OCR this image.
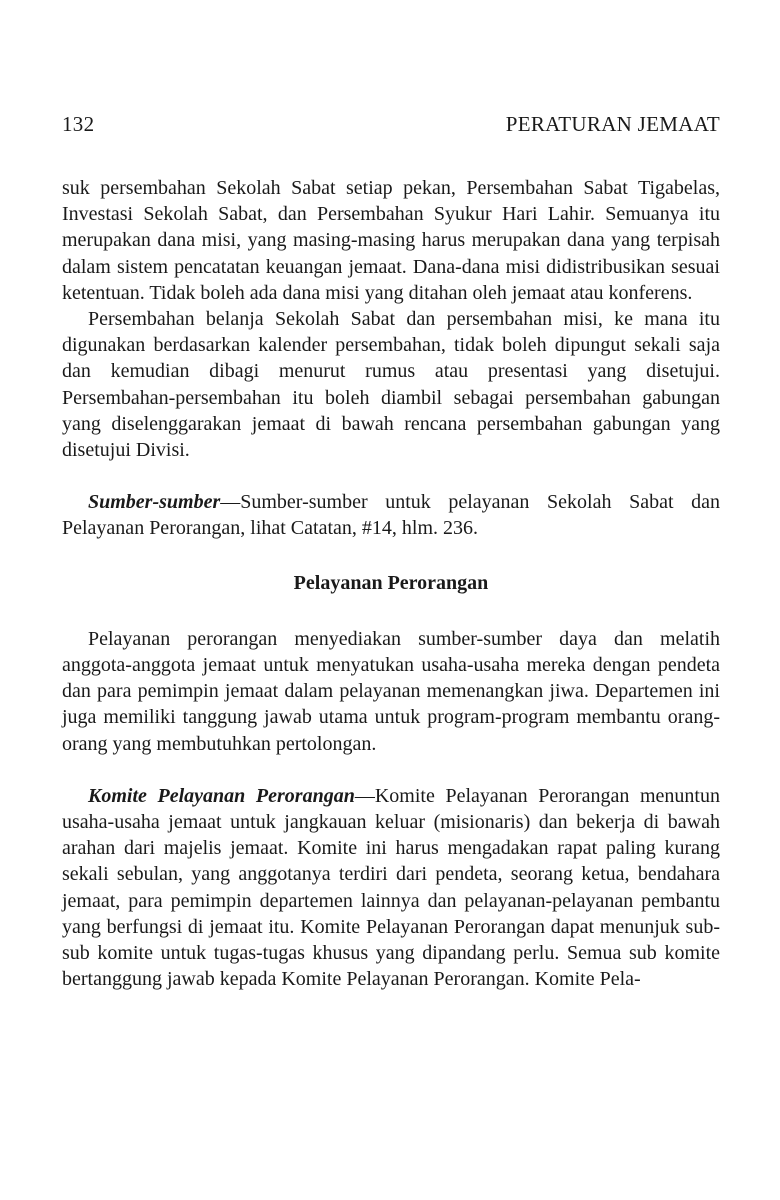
132	PERATURAN JEMAAT

suk persembahan Sekolah Sabat setiap pekan, Persembahan Sabat Tigabelas, Investasi Sekolah Sabat, dan Persembahan Syukur Hari Lahir. Semuanya itu merupakan dana misi, yang masing-masing harus merupakan dana yang terpisah dalam sistem pencatatan keuangan jemaat. Dana-dana misi didistribusikan sesuai ketentuan. Tidak boleh ada dana misi yang ditahan oleh jemaat atau konferens.

Persembahan belanja Sekolah Sabat dan persembahan misi, ke mana itu digunakan berdasarkan kalender persembahan, tidak boleh dipungut sekali saja dan kemudian dibagi menurut rumus atau presentasi yang disetujui. Persembahan-persembahan itu boleh diambil sebagai persembahan gabungan yang diselenggarakan jemaat di bawah rencana persembahan gabungan yang disetujui Divisi.

Sumber-sumber—Sumber-sumber untuk pelayanan Sekolah Sabat dan Pelayanan Perorangan, lihat Catatan, #14, hlm. 236.

Pelayanan Perorangan

Pelayanan perorangan menyediakan sumber-sumber daya dan melatih anggota-anggota jemaat untuk menyatukan usaha-usaha mereka dengan pendeta dan para pemimpin jemaat dalam pelayanan memenangkan jiwa. Departemen ini juga memiliki tanggung jawab utama untuk program-program membantu orang-orang yang membutuhkan pertolongan.

Komite Pelayanan Perorangan—Komite Pelayanan Perorangan menuntun usaha-usaha jemaat untuk jangkauan keluar (misionaris) dan bekerja di bawah arahan dari majelis jemaat. Komite ini harus mengadakan rapat paling kurang sekali sebulan, yang anggotanya terdiri dari pendeta, seorang ketua, bendahara jemaat, para pemimpin departemen lainnya dan pelayanan-pelayanan pembantu yang berfungsi di jemaat itu. Komite Pelayanan Perorangan dapat menunjuk sub-sub komite untuk tugas-tugas khusus yang dipandang perlu. Semua sub komite bertanggung jawab kepada Komite Pelayanan Perorangan. Komite Pela-
